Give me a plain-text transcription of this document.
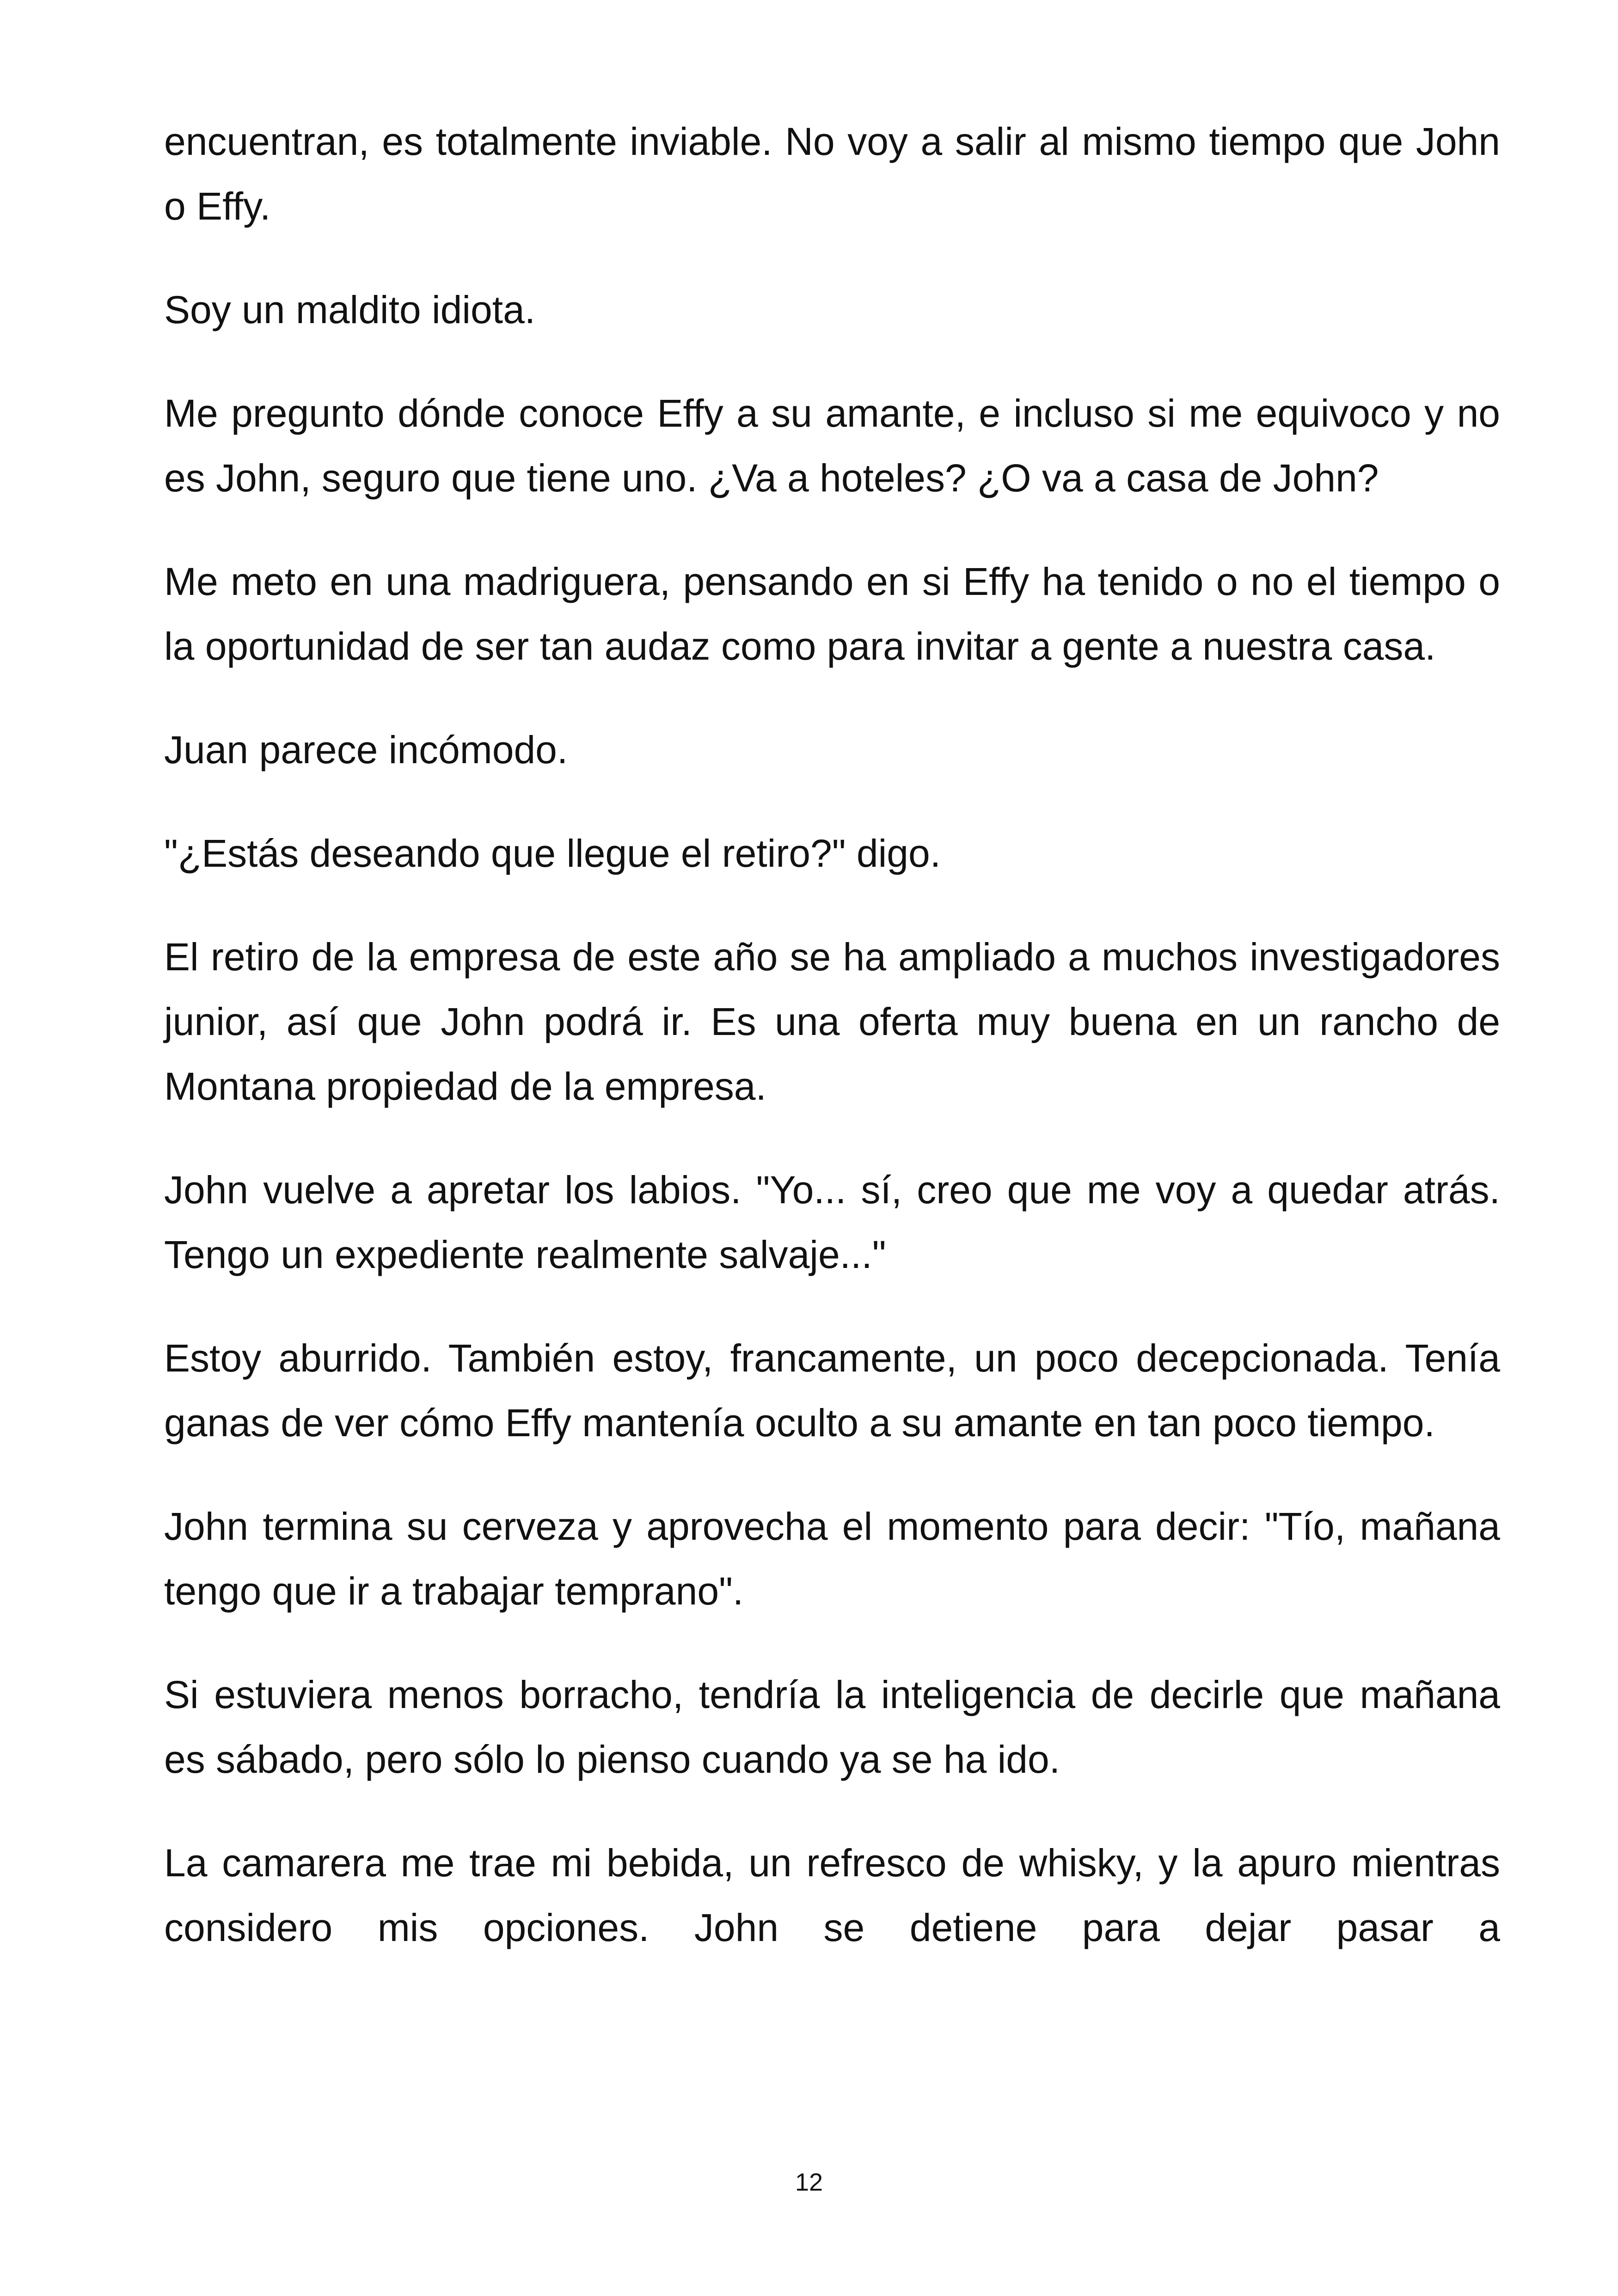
encuentran, es totalmente inviable. No voy a salir al mismo tiempo que John o Effy.

Soy un maldito idiota.

Me pregunto dónde conoce Effy a su amante, e incluso si me equivoco y no es John, seguro que tiene uno. ¿Va a hoteles? ¿O va a casa de John?

Me meto en una madriguera, pensando en si Effy ha tenido o no el tiempo o la oportunidad de ser tan audaz como para invitar a gente a nuestra casa.

Juan parece incómodo.

"¿Estás deseando que llegue el retiro?" digo.

El retiro de la empresa de este año se ha ampliado a muchos investigadores junior, así que John podrá ir. Es una oferta muy buena en un rancho de Montana propiedad de la empresa.

John vuelve a apretar los labios. "Yo... sí, creo que me voy a quedar atrás. Tengo un expediente realmente salvaje..."

Estoy aburrido. También estoy, francamente, un poco decepcionada. Tenía ganas de ver cómo Effy mantenía oculto a su amante en tan poco tiempo.

John termina su cerveza y aprovecha el momento para decir: "Tío, mañana tengo que ir a trabajar temprano".

Si estuviera menos borracho, tendría la inteligencia de decirle que mañana es sábado, pero sólo lo pienso cuando ya se ha ido.

La camarera me trae mi bebida, un refresco de whisky, y la apuro mientras considero mis opciones. John se detiene para dejar pasar a

12
